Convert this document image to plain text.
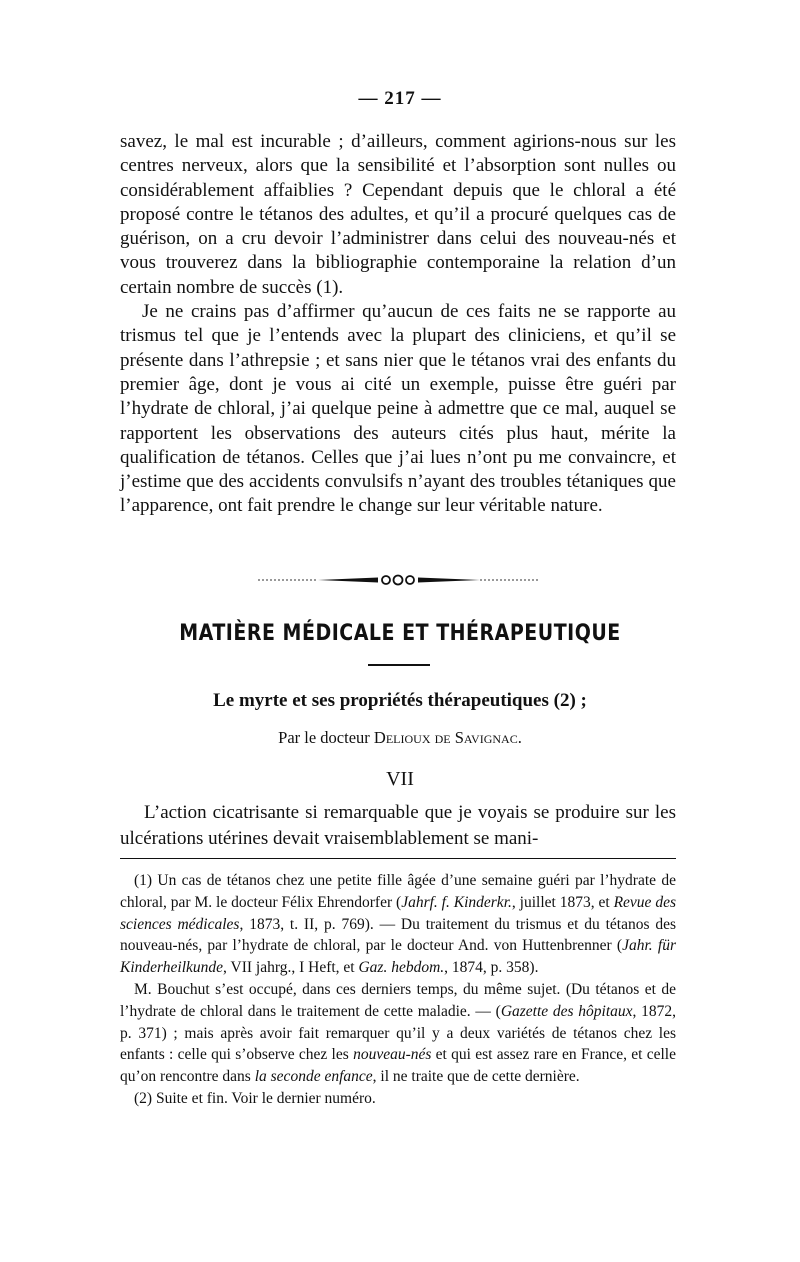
— 217 —

savez, le mal est incurable ; d’ailleurs, comment agirions-nous sur les centres nerveux, alors que la sensibilité et l’absorption sont nulles ou considérablement affaiblies ? Cependant depuis que le chloral a été proposé contre le tétanos des adultes, et qu’il a procuré quelques cas de guérison, on a cru devoir l’administrer dans celui des nouveau-nés et vous trouverez dans la bibliographie contemporaine la relation d’un certain nombre de succès (1).

Je ne crains pas d’affirmer qu’aucun de ces faits ne se rapporte au trismus tel que je l’entends avec la plupart des cliniciens, et qu’il se présente dans l’athrepsie ; et sans nier que le tétanos vrai des enfants du premier âge, dont je vous ai cité un exemple, puisse être guéri par l’hydrate de chloral, j’ai quelque peine à admettre que ce mal, auquel se rapportent les observations des auteurs cités plus haut, mérite la qualification de tétanos. Celles que j’ai lues n’ont pu me convaincre, et j’estime que des accidents convulsifs n’ayant des troubles tétaniques que l’apparence, ont fait prendre le change sur leur véritable nature.

MATIÈRE MÉDICALE ET THÉRAPEUTIQUE
Le myrte et ses propriétés thérapeutiques (2) ;
Par le docteur Delioux de Savignac.
VII

L’action cicatrisante si remarquable que je voyais se produire sur les ulcérations utérines devait vraisemblablement se mani-

(1) Un cas de tétanos chez une petite fille âgée d’une semaine guéri par l’hydrate de chloral, par M. le docteur Félix Ehrendorfer (Jahrf. f. Kinderkr., juillet 1873, et Revue des sciences médicales, 1873, t. II, p. 769). — Du traitement du trismus et du tétanos des nouveau-nés, par l’hydrate de chloral, par le docteur And. von Huttenbrenner (Jahr. für Kinderheilkunde, VII jahrg., I Heft, et Gaz. hebdom., 1874, p. 358).

M. Bouchut s’est occupé, dans ces derniers temps, du même sujet. (Du tétanos et de l’hydrate de chloral dans le traitement de cette maladie. — (Gazette des hôpitaux, 1872, p. 371) ; mais après avoir fait remarquer qu’il y a deux variétés de tétanos chez les enfants : celle qui s’observe chez les nouveau-nés et qui est assez rare en France, et celle qu’on rencontre dans la seconde enfance, il ne traite que de cette dernière.

(2) Suite et fin. Voir le dernier numéro.
